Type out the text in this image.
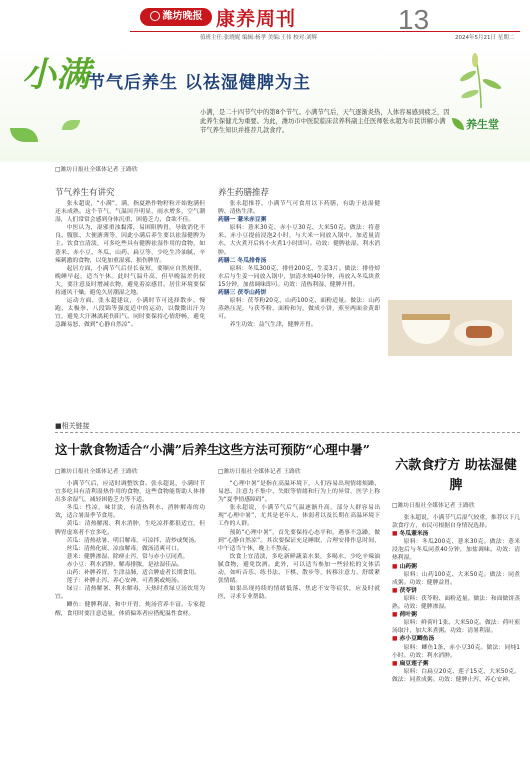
潍坊晚报 康养周刊	13
值班主任:张晓妮 编辑:杨孝 美编:王伟 校对:刘辉	2024年5月21日 星期二
小满
节气后养生 以祛湿健脾为主
小满，是二十四节气中的第8个节气。小满节气后，天气逐渐炎热，人体容易感到疲乏，因此养生保健尤为重要。为此，潍坊市中医院临床营养科副主任医师张永超为市民讲解小满节气养生知识并推荐几款食疗。	养生堂
□潍坊日报社全媒体记者 王路欣
节气养生有讲究

张永超说，“小满”，满，指夏熟作物籽粒开始饱满但还未成熟。这个节气，气温回升明显，雨水增多，空气潮湿，人们常常会感到身体沉重、困倦乏力、食欲不佳。

中医认为，湿邪重浊黏滞，易困阻脾胃，导致消化不良、腹胀、大便溏薄等，因此小满后养生要以祛湿健脾为主。饮食宜清淡，可多吃些具有健脾祛湿作用的食物，如薏米、赤小豆、冬瓜、山药、扁豆等，少吃生冷油腻、辛辣刺激的食物，以免加重湿邪、损伤脾胃。

起居方面，小满节气后昼长夜短，要顺应自然规律，晚睡早起，适当午休。此时气温升高，但早晚温差仍较大，要注意及时增减衣物，避免着凉感冒。居住环境要保持通风干燥，避免久居潮湿之地。

运动方面，张永超建议，小满时节可选择散步、慢跑、太极拳、八段锦等强度适中的运动，以微微出汗为宜，避免大汗淋漓耗伤阳气。同时要保持心情舒畅，避免急躁易怒，做到“心静自然凉”。

养生药膳推荐

张永超推荐，小满节气可食用以下药膳，有助于祛湿健脾、清热生津。

药膳一 薏米赤豆粥

原料：薏米30克、赤小豆30克、大米50克。做法：将薏米、赤小豆提前浸泡2小时，与大米一同放入锅中，加适量清水，大火煮开后转小火煮1小时即可。功效：健脾祛湿、利水消肿。

药膳二 冬瓜排骨汤

原料：冬瓜300克、排骨200克、生姜3片。做法：排骨焯水后与生姜一同放入锅中，加清水炖40分钟，再放入冬瓜块煮15分钟，加盐调味即可。功效：清热利湿、健脾开胃。

药膳三 茯苓山药饼

原料：茯苓粉20克、山药100克、面粉适量。做法：山药蒸熟压泥，与茯苓粉、面粉和匀，做成小饼，煎至两面金黄即可。

养生功效：益气生津，健脾开胃。

■相关链接
这十款食物适合“小满”后养生
□潍坊日报社全媒体记者 王路欣

小满节气后，应适时调整饮食。张永超说，小满时节宜多吃具有清利湿热作用的食物，这些食物能帮助人体排出多余湿气，减轻困倦乏力等不适。

冬瓜：性凉，味甘淡，有清热利水、消肿解毒的功效，适合暑湿季节食用。

黄瓜：清热解渴、利水消肿，生吃凉拌都很适宜，但脾胃虚寒者不宜多吃。

苦瓜：清热祛暑、明目解毒，可凉拌、清炒或煲汤。

丝瓜：清热化痰、凉血解毒，做汤清爽可口。

薏米：健脾渗湿、除痹止泻，常与赤小豆同煮。

赤小豆：利水消肿、解毒排脓，是祛湿佳品。

山药：补脾养胃、生津益肺，适合脾虚者长期食用。

莲子：补脾止泻、养心安神，可煮粥或炖汤。

绿豆：清热解暑、利水解毒，天热时煮绿豆汤饮用为宜。

鲫鱼：健脾利湿、和中开胃，炖汤营养丰富。专家提醒，食用时要注意适量，体质偏寒者应搭配温性食材。

这些方法可预防“心理中暑”
□潍坊日报社全媒体记者 王路欣

“心理中暑”是指在高温环境下，人们容易出现情绪烦躁、易怒、注意力不集中、失眠等情绪和行为上的异常，医学上称为“夏季情感障碍”。

张永超说，小满节气后气温逐渐升高，部分人群容易出现“心理中暑”，尤其是老年人、体弱者以及长期在高温环境下工作的人群。

预防“心理中暑”，首先要保持心态平和，遇事不急躁，做到“心静自然凉”。其次要保证充足睡眠，合理安排作息时间，中午适当午休，晚上不熬夜。

饮食上宜清淡，多吃新鲜蔬菜水果，多喝水，少吃辛辣油腻食物，避免饮酒。此外，可以适当参加一些轻松的文体活动，如听音乐、练书法、下棋、散步等，转移注意力，舒缓紧张情绪。

如果出现持续的情绪低落、焦虑不安等症状，应及时就医，寻求专业帮助。

六款食疗方 助祛湿健脾
□潍坊日报社全媒体记者 王路欣

张永超说，小满节气后湿气较重，推荐以下几款食疗方，市民可根据自身情况选择。

■ 冬瓜薏米汤

原料：冬瓜200克、薏米30克。做法：薏米浸泡后与冬瓜同煮40分钟，加盐调味。功效：清热利湿。

■ 山药粥

原料：山药100克、大米50克。做法：同煮成粥。功效：健脾益胃。

■ 茯苓饼

原料：茯苓粉、面粉适量。做法：和面做饼蒸熟。功效：健脾渗湿。

■ 荷叶粥

原料：鲜荷叶1张、大米50克。做法：荷叶煎汤取汁，加大米煮粥。功效：清暑利湿。

■ 赤小豆鲫鱼汤

原料：鲫鱼1条、赤小豆30克。做法：同炖1小时。功效：利水消肿。

■ 扁豆莲子粥

原料：白扁豆20克、莲子15克、大米50克。做法：同煮成粥。功效：健脾止泻、养心安神。
